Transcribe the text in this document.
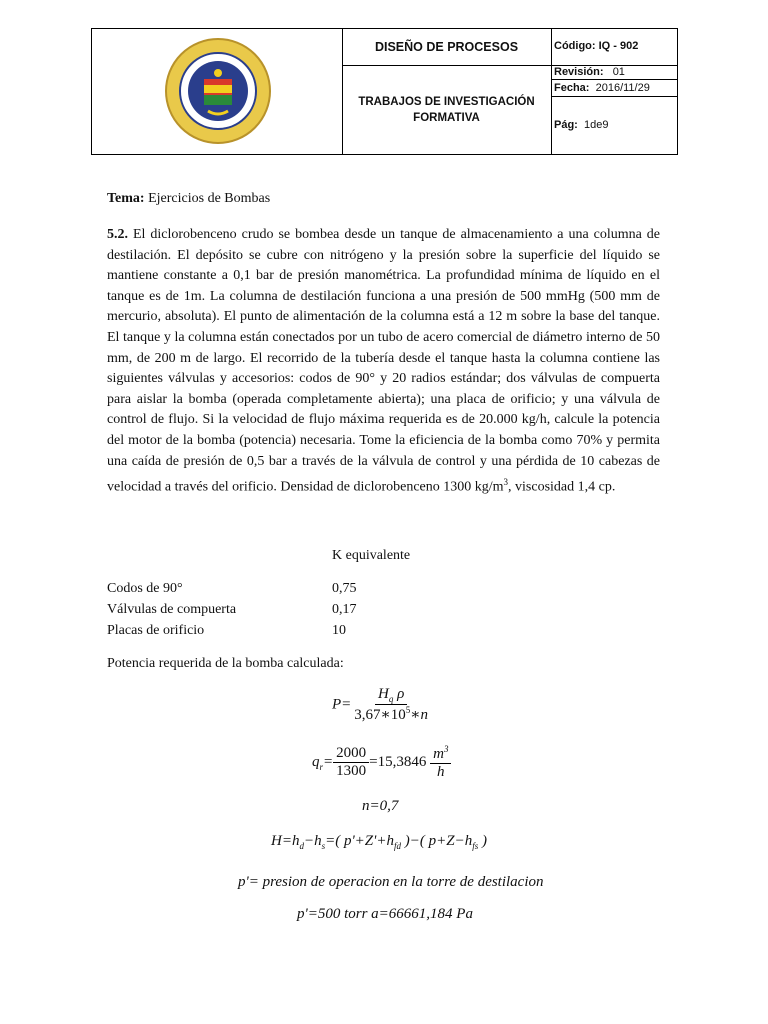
DISEÑO DE PROCESOS
TRABAJOS DE INVESTIGACIÓN FORMATIVA
Código: IQ - 902
Revisión: 01
Fecha: 2016/11/29
Pág: 1de9
Tema: Ejercicios de Bombas
5.2. El diclorobenceno crudo se bombea desde un tanque de almacenamiento a una columna de destilación. El depósito se cubre con nitrógeno y la presión sobre la superficie del líquido se mantiene constante a 0,1 bar de presión manométrica. La profundidad mínima de líquido en el tanque es de 1m. La columna de destilación funciona a una presión de 500 mmHg (500 mm de mercurio, absoluta). El punto de alimentación de la columna está a 12 m sobre la base del tanque. El tanque y la columna están conectados por un tubo de acero comercial de diámetro interno de 50 mm, de 200 m de largo. El recorrido de la tubería desde el tanque hasta la columna contiene las siguientes válvulas y accesorios: codos de 90° y 20 radios estándar; dos válvulas de compuerta para aislar la bomba (operada completamente abierta); una placa de orificio; y una válvula de control de flujo. Si la velocidad de flujo máxima requerida es de 20.000 kg/h, calcule la potencia del motor de la bomba (potencia) necesaria. Tome la eficiencia de la bomba como 70% y permita una caída de presión de 0,5 bar a través de la válvula de control y una pérdida de 10 cabezas de velocidad a través del orificio. Densidad de diclorobenceno 1300 $kg/m^3$, viscosidad 1,4 cp.
K equivalente
Codos de 90°	0,75
Válvulas de compuerta	0,17
Placas de orificio	10
Potencia requerida de la bomba calculada:
$P= \frac{H_q \rho}{3,67∗10^5∗n}$
$q_r= \frac{2000}{1300} =15,3846 \frac{m^3}{h}$
n=0,7
$H=h_d-h_s=$( $p'+Z'+h_{fd}$ )−( $p+Z-h_{fs}$ )
p'= presion de operacion en la torre de destilacion
p'=500 torr a=66661,184 Pa
